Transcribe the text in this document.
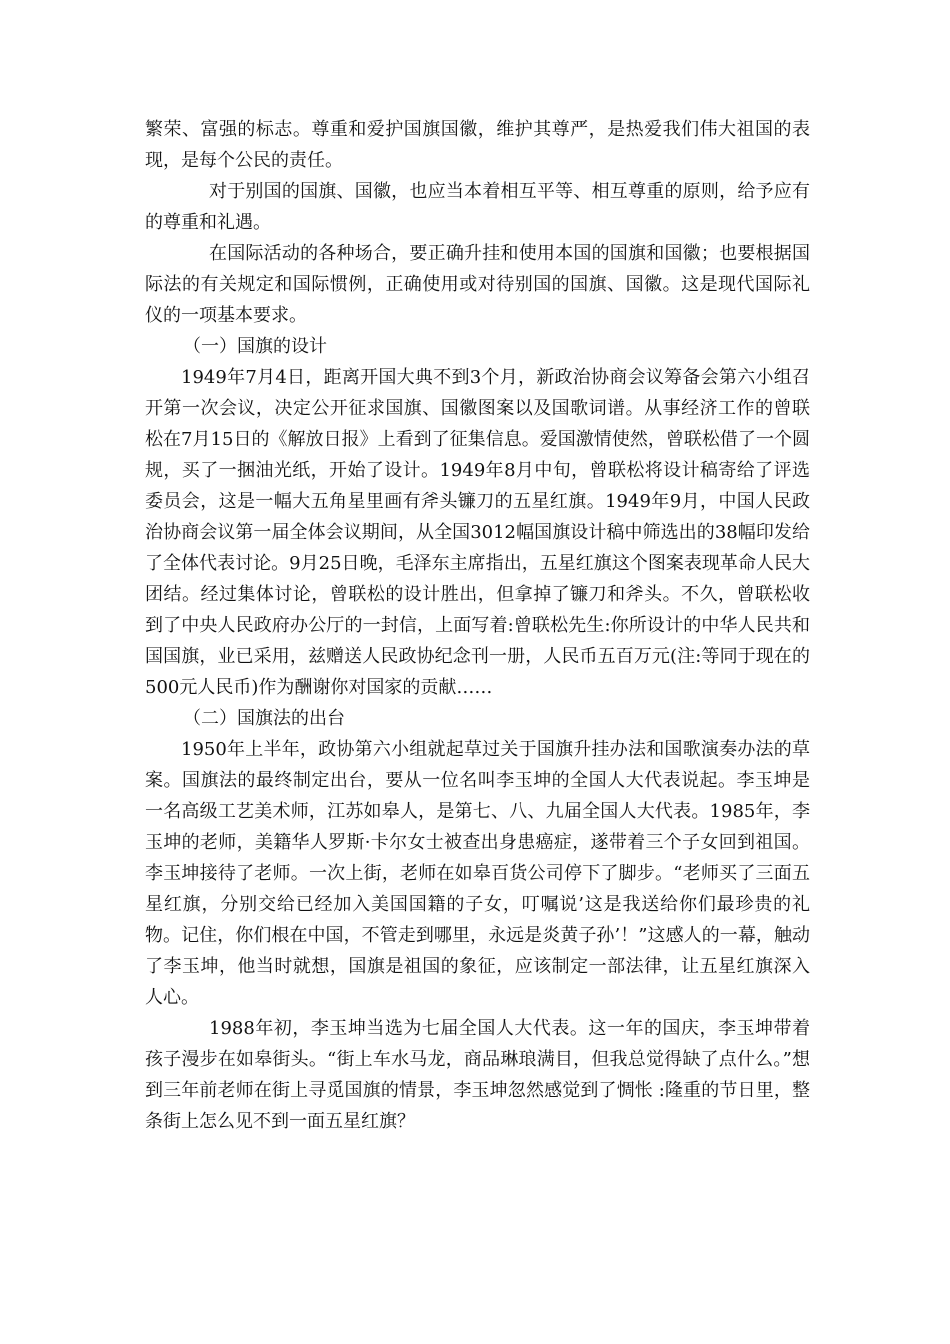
繁荣、富强的标志。尊重和爱护国旗国徽，维护其尊严，是热爱我们伟大祖国的表现，是每个公民的责任。

对于别国的国旗、国徽，也应当本着相互平等、相互尊重的原则，给予应有的尊重和礼遇。

在国际活动的各种场合，要正确升挂和使用本国的国旗和国徽；也要根据国际法的有关规定和国际惯例，正确使用或对待别国的国旗、国徽。这是现代国际礼仪的一项基本要求。

（一）国旗的设计

1949年7月4日，距离开国大典不到3个月，新政治协商会议筹备会第六小组召开第一次会议，决定公开征求国旗、国徽图案以及国歌词谱。从事经济工作的曾联松在7月15日的《解放日报》上看到了征集信息。爱国激情使然，曾联松借了一个圆规，买了一捆油光纸，开始了设计。1949年8月中旬，曾联松将设计稿寄给了评选委员会，这是一幅大五角星里画有斧头镰刀的五星红旗。1949年9月，中国人民政治协商会议第一届全体会议期间，从全国3012幅国旗设计稿中筛选出的38幅印发给了全体代表讨论。9月25日晚，毛泽东主席指出，五星红旗这个图案表现革命人民大团结。经过集体讨论，曾联松的设计胜出，但拿掉了镰刀和斧头。不久，曾联松收到了中央人民政府办公厅的一封信，上面写着:曾联松先生:你所设计的中华人民共和国国旗，业已采用，兹赠送人民政协纪念刊一册，人民币五百万元(注:等同于现在的500元人民币)作为酬谢你对国家的贡献……

（二）国旗法的出台

1950年上半年，政协第六小组就起草过关于国旗升挂办法和国歌演奏办法的草案。国旗法的最终制定出台，要从一位名叫李玉坤的全国人大代表说起。李玉坤是一名高级工艺美术师，江苏如皋人，是第七、八、九届全国人大代表。1985年，李玉坤的老师，美籍华人罗斯·卡尔女士被查出身患癌症，遂带着三个子女回到祖国。李玉坤接待了老师。一次上街，老师在如皋百货公司停下了脚步。“老师买了三面五星红旗，分别交给已经加入美国国籍的子女，叮嘱说’这是我送给你们最珍贵的礼物。记住，你们根在中国，不管走到哪里，永远是炎黄子孙’！”这感人的一幕，触动了李玉坤，他当时就想，国旗是祖国的象征，应该制定一部法律，让五星红旗深入人心。

1988年初，李玉坤当选为七届全国人大代表。这一年的国庆，李玉坤带着孩子漫步在如皋街头。“街上车水马龙，商品琳琅满目，但我总觉得缺了点什么。”想到三年前老师在街上寻觅国旗的情景，李玉坤忽然感觉到了惆怅 :隆重的节日里，整条街上怎么见不到一面五星红旗？
